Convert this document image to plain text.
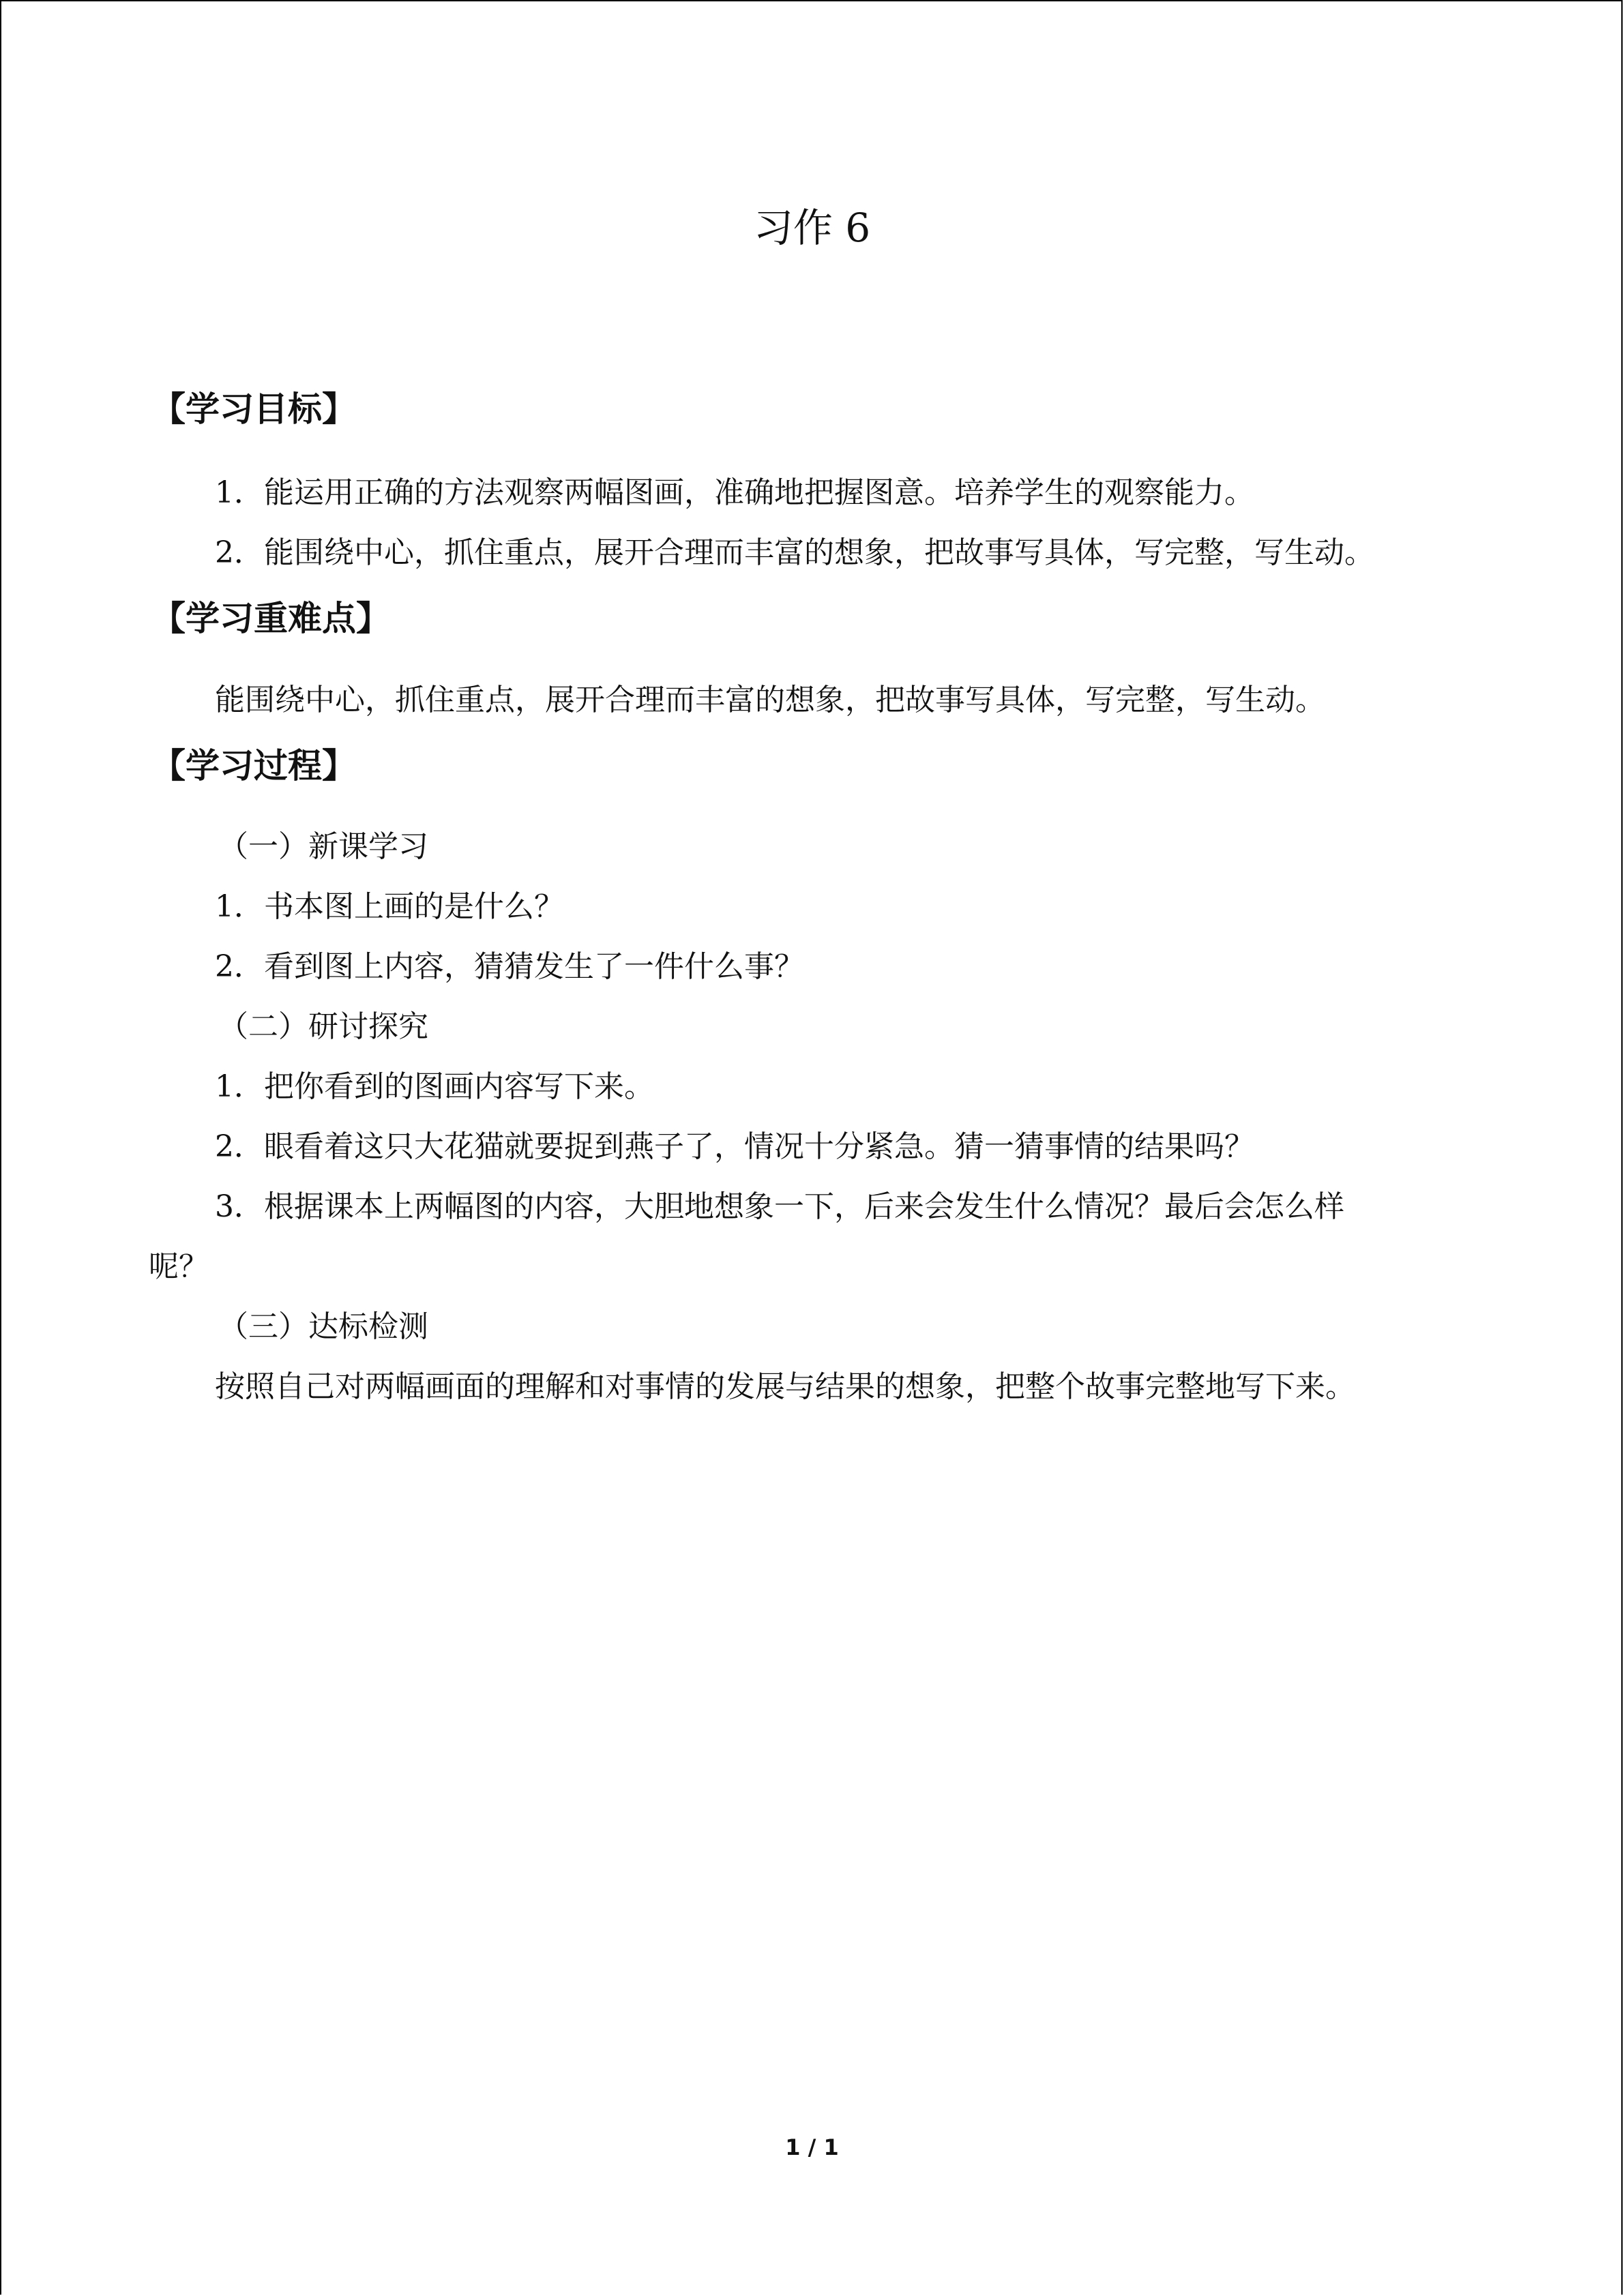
习作 6
【学习目标】
1．能运用正确的方法观察两幅图画，准确地把握图意。培养学生的观察能力。
2．能围绕中心，抓住重点，展开合理而丰富的想象，把故事写具体，写完整，写生动。
【学习重难点】
能围绕中心，抓住重点，展开合理而丰富的想象，把故事写具体，写完整，写生动。
【学习过程】
（一）新课学习
1．书本图上画的是什么？
2．看到图上内容，猜猜发生了一件什么事？
（二）研讨探究
1．把你看到的图画内容写下来。
2．眼看着这只大花猫就要捉到燕子了，情况十分紧急。猜一猜事情的结果吗？
3．根据课本上两幅图的内容，大胆地想象一下，后来会发生什么情况？最后会怎么样
呢？
（三）达标检测
按照自己对两幅画面的理解和对事情的发展与结果的想象，把整个故事完整地写下来。
1 / 1
